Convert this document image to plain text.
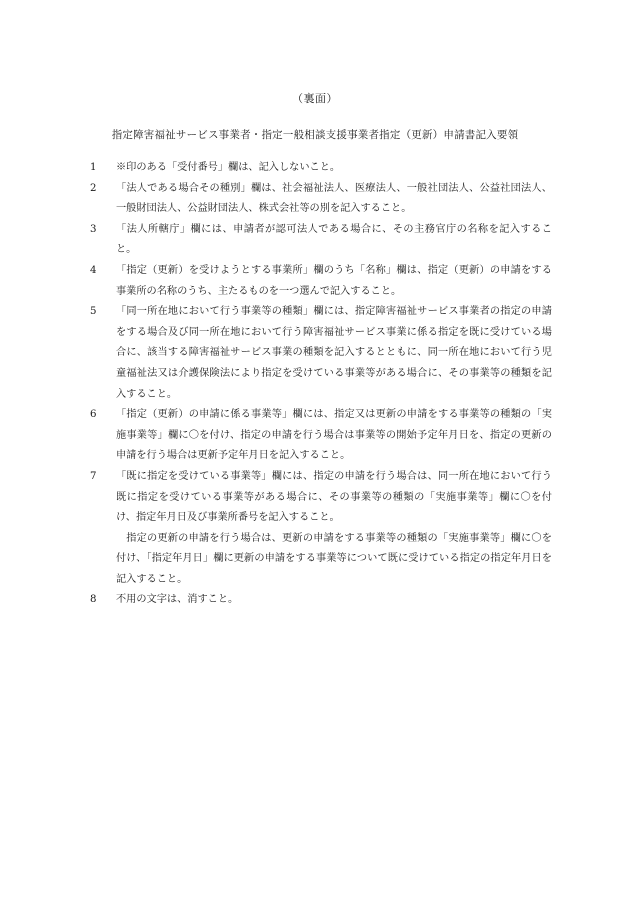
（裏面）
指定障害福祉サービス事業者・指定一般相談支援事業者指定（更新）申請書記入要領
1	※印のある「受付番号」欄は、記入しないこと。
2	「法人である場合その種別」欄は、社会福祉法人、医療法人、一般社団法人、公益社団法人、一般財団法人、公益財団法人、株式会社等の別を記入すること。
3	「法人所轄庁」欄には、申請者が認可法人である場合に、その主務官庁の名称を記入すること。
4	「指定（更新）を受けようとする事業所」欄のうち「名称」欄は、指定（更新）の申請をする事業所の名称のうち、主たるものを一つ選んで記入すること。
5	「同一所在地において行う事業等の種類」欄には、指定障害福祉サービス事業者の指定の申請をする場合及び同一所在地において行う障害福祉サービス事業に係る指定を既に受けている場合に、該当する障害福祉サービス事業の種類を記入するとともに、同一所在地において行う児童福祉法又は介護保険法により指定を受けている事業等がある場合に、その事業等の種類を記入すること。
6	「指定（更新）の申請に係る事業等」欄には、指定又は更新の申請をする事業等の種類の「実施事業等」欄に〇を付け、指定の申請を行う場合は事業等の開始予定年月日を、指定の更新の申請を行う場合は更新予定年月日を記入すること。
7	「既に指定を受けている事業等」欄には、指定の申請を行う場合は、同一所在地において行う既に指定を受けている事業等がある場合に、その事業等の種類の「実施事業等」欄に〇を付け、指定年月日及び事業所番号を記入すること。
指定の更新の申請を行う場合は、更新の申請をする事業等の種類の「実施事業等」欄に〇を付け、「指定年月日」欄に更新の申請をする事業等について既に受けている指定の指定年月日を記入すること。
8	不用の文字は、消すこと。
